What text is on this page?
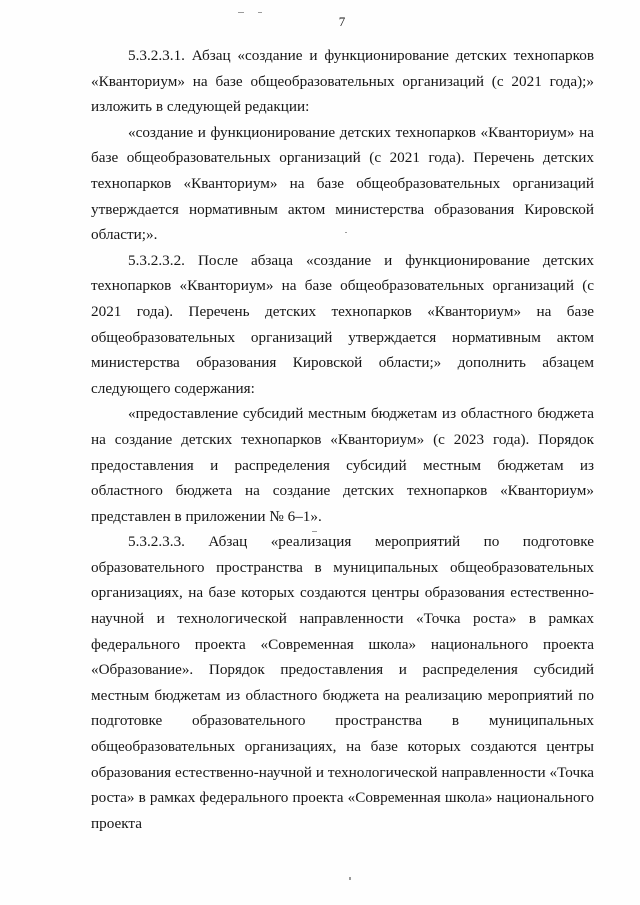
7

5.3.2.3.1. Абзац «создание и функционирование детских технопарков «Кванториум» на базе общеобразовательных организаций (с 2021 года);» изложить в следующей редакции:

«создание и функционирование детских технопарков «Кванториум» на базе общеобразовательных организаций (с 2021 года). Перечень детских технопарков «Кванториум» на базе общеобразовательных организаций утверждается нормативным актом министерства образования Кировской области;».

5.3.2.3.2. После абзаца «создание и функционирование детских технопарков «Кванториум» на базе общеобразовательных организаций (с 2021 года). Перечень детских технопарков «Кванториум» на базе общеобразовательных организаций утверждается нормативным актом министерства образования Кировской области;» дополнить абзацем следующего содержания:

«предоставление субсидий местным бюджетам из областного бюджета на создание детских технопарков «Кванториум» (с 2023 года). Порядок предоставления и распределения субсидий местным бюджетам из областного бюджета на создание детских технопарков «Кванториум» представлен в приложении № 6–1».

5.3.2.3.3. Абзац «реализация мероприятий по подготовке образовательного пространства в муниципальных общеобразовательных организациях, на базе которых создаются центры образования естественно-научной и технологической направленности «Точка роста» в рамках федерального проекта «Современная школа» национального проекта «Образование». Порядок предоставления и распределения субсидий местным бюджетам из областного бюджета на реализацию мероприятий по подготовке образовательного пространства в муниципальных общеобразовательных организациях, на базе которых создаются центры образования естественно-научной и технологической направленности «Точка роста» в рамках федерального проекта «Современная школа» национального проекта
